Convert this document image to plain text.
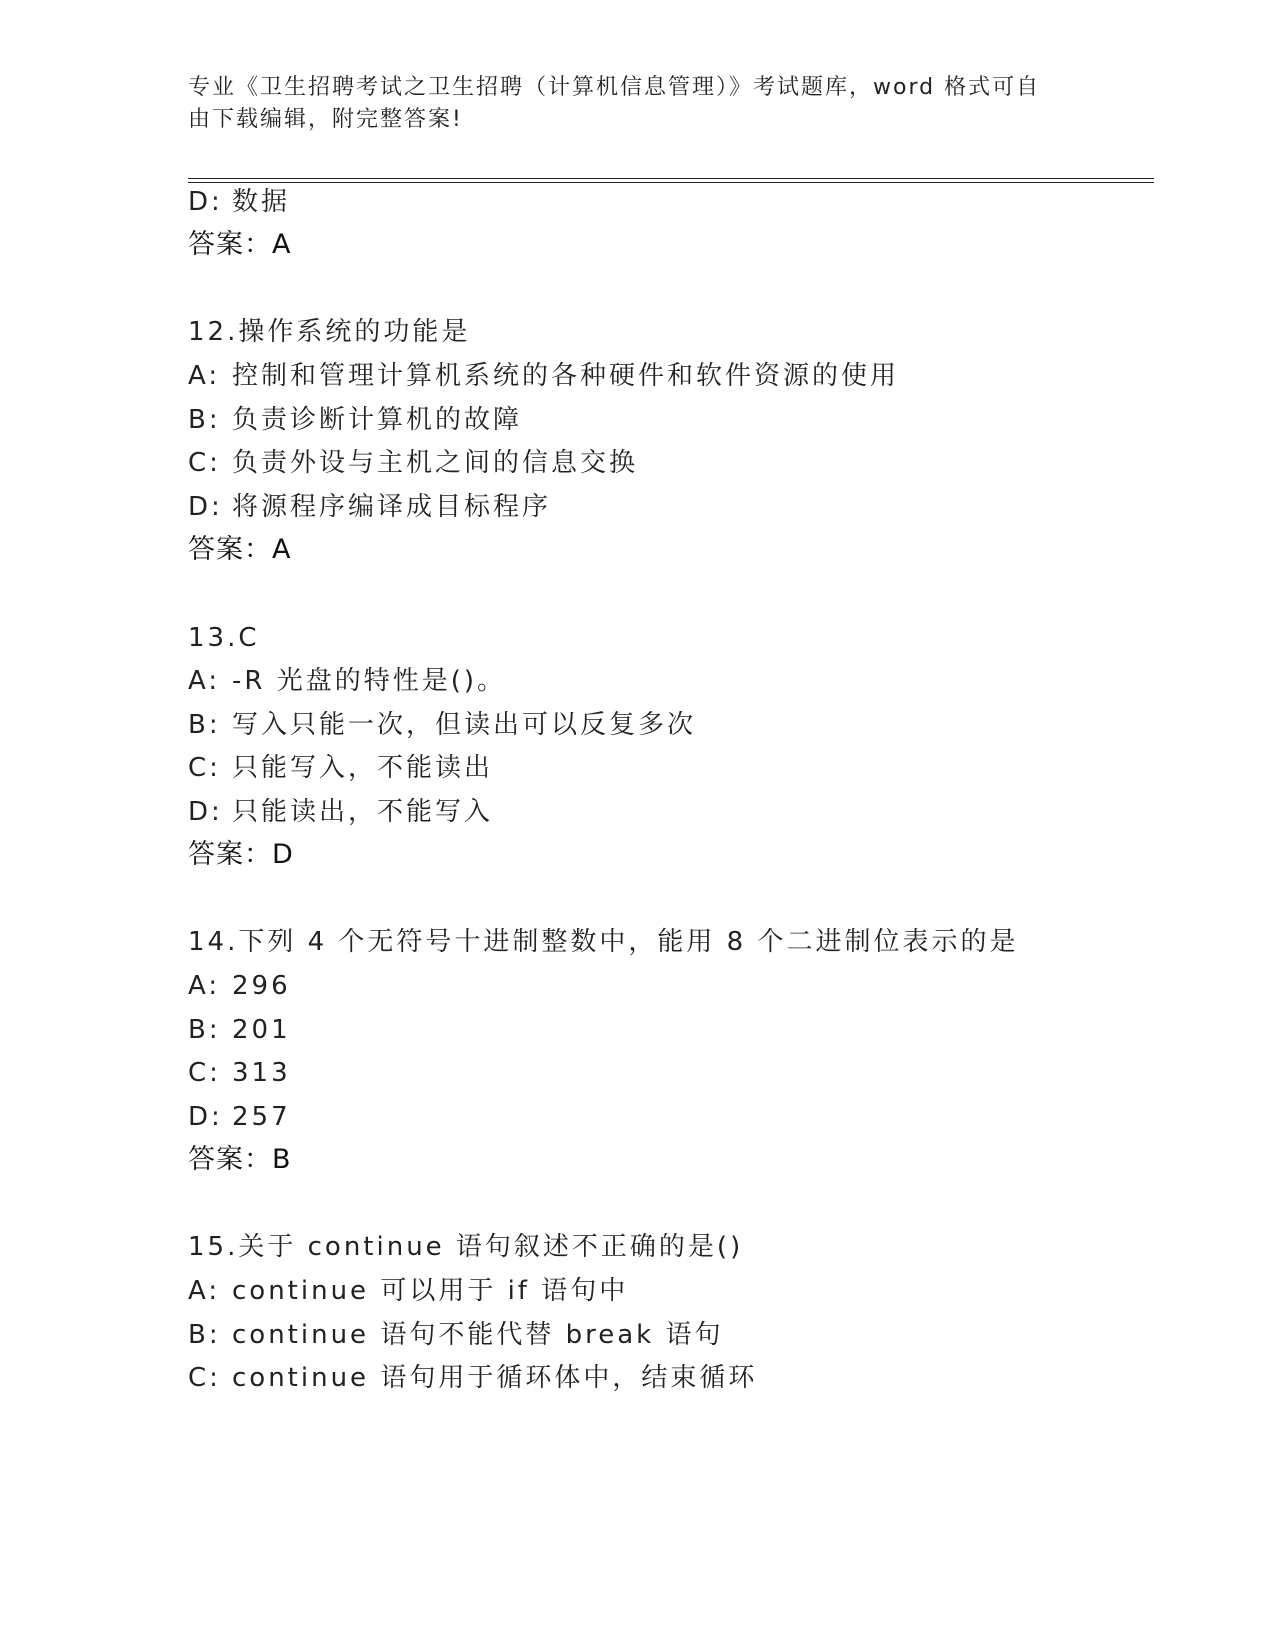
专业《卫生招聘考试之卫生招聘（计算机信息管理）》考试题库，word 格式可自
由下载编辑，附完整答案!
D: 数据
答案：A
12.操作系统的功能是
A: 控制和管理计算机系统的各种硬件和软件资源的使用
B: 负责诊断计算机的故障
C: 负责外设与主机之间的信息交换
D: 将源程序编译成目标程序
答案：A
13.C
A: -R 光盘的特性是()。
B: 写入只能一次，但读出可以反复多次
C: 只能写入，不能读出
D: 只能读出，不能写入
答案：D
14.下列 4 个无符号十进制整数中，能用 8 个二进制位表示的是
A: 296
B: 201
C: 313
D: 257
答案：B
15.关于 continue 语句叙述不正确的是()
A: continue 可以用于 if 语句中
B: continue 语句不能代替 break 语句
C: continue 语句用于循环体中，结束循环
